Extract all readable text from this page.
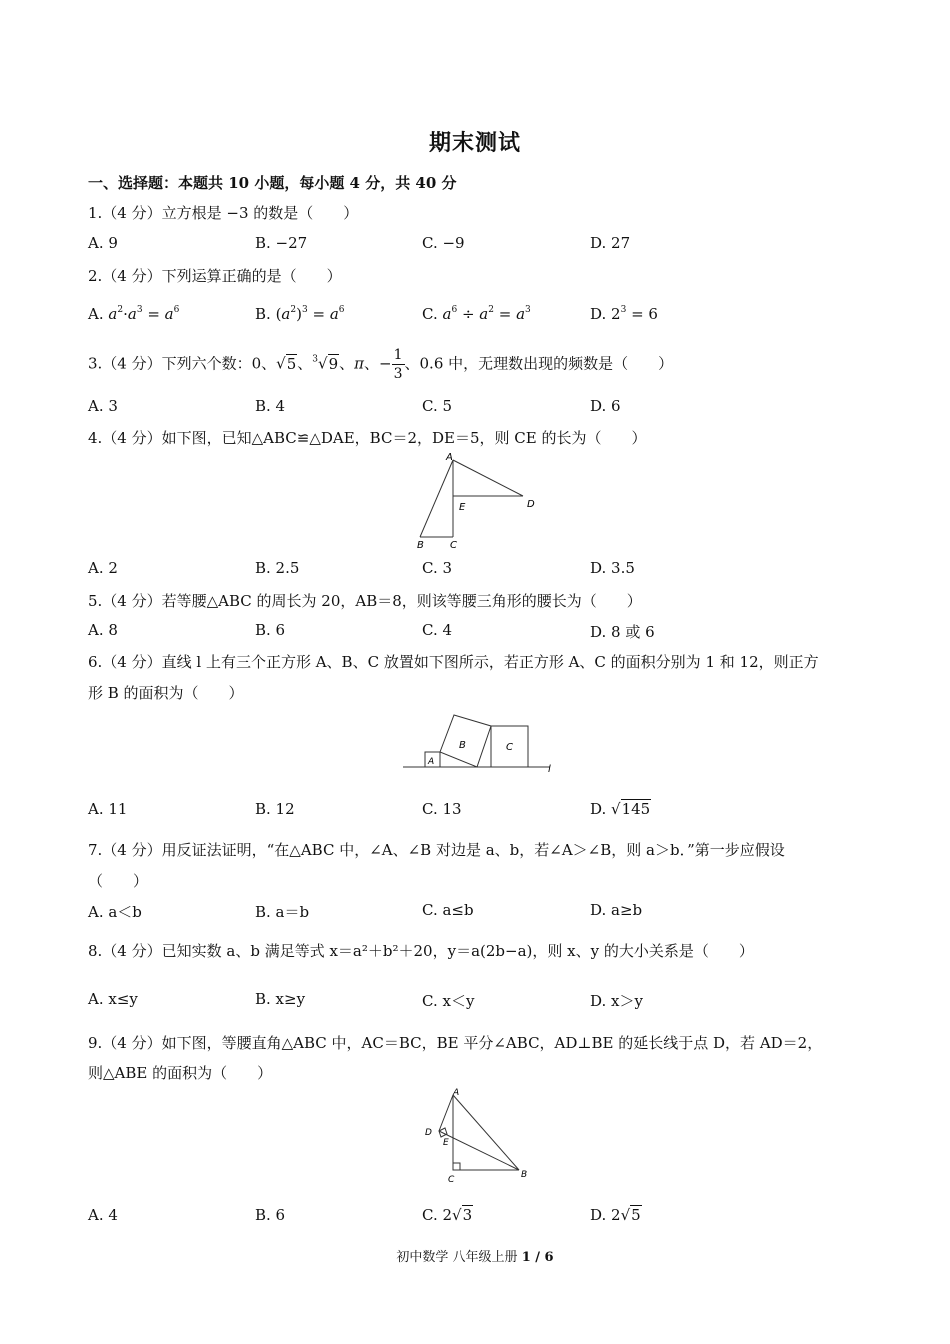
期末测试
一、选择题：本题共 10 小题，每小题 4 分，共 40 分
1.（4 分）立方根是 −3 的数是（　　）
A. 9	B. −27	C. −9	D. 27
2.（4 分）下列运算正确的是（　　）
A. $a^2\cdot a^3 = a^6$	B. $(a^2)^3 = a^6$	C. $a^6 \div a^2 = a^3$	D. $2^3 = 6$
3.（4 分）下列六个数：0、√5、$^3$√9、π、− $\frac{1}{3}$ 、0.6 中，无理数出现的频数是（　　）
A. 3	B. 4	C. 5	D. 6
4.（4 分）如下图，已知△ABC≌△DAE，BC＝2，DE＝5，则 CE 的长为（　　）
A
E	D
B	C
A. 2	B. 2.5	C. 3	D. 3.5
5.（4 分）若等腰△ABC 的周长为 20，AB＝8，则该等腰三角形的腰长为（　　）
A. 8	B. 6	C. 4	D. 8 或 6
6.（4 分）直线 l 上有三个正方形 A、B、C 放置如下图所示，若正方形 A、C 的面积分别为 1 和 12，则正方
形 B 的面积为（　　）
B	C
A
l
A. 11	B. 12	C. 13	D. √145
7.（4 分）用反证法证明，“在△ABC 中，∠A、∠B 对边是 a、b，若∠A＞∠B，则 a＞b．”第一步应假设
（　　）
A. a＜b	B. a＝b	C. a≤b	D. a≥b
8.（4 分）已知实数 a、b 满足等式 x＝a²＋b²＋20，y＝a(2b−a)，则 x、y 的大小关系是（　　）
A. x≤y	B. x≥y	C. x＜y	D. x＞y
9.（4 分）如下图，等腰直角△ABC 中，AC＝BC，BE 平分∠ABC，AD⊥BE 的延长线于点 D，若 AD＝2，
则△ABE 的面积为（　　）
A
D
E
C	B
A. 4	B. 6	C. 2√3	D. 2√5
初中数学 八年级上册 1 / 6
